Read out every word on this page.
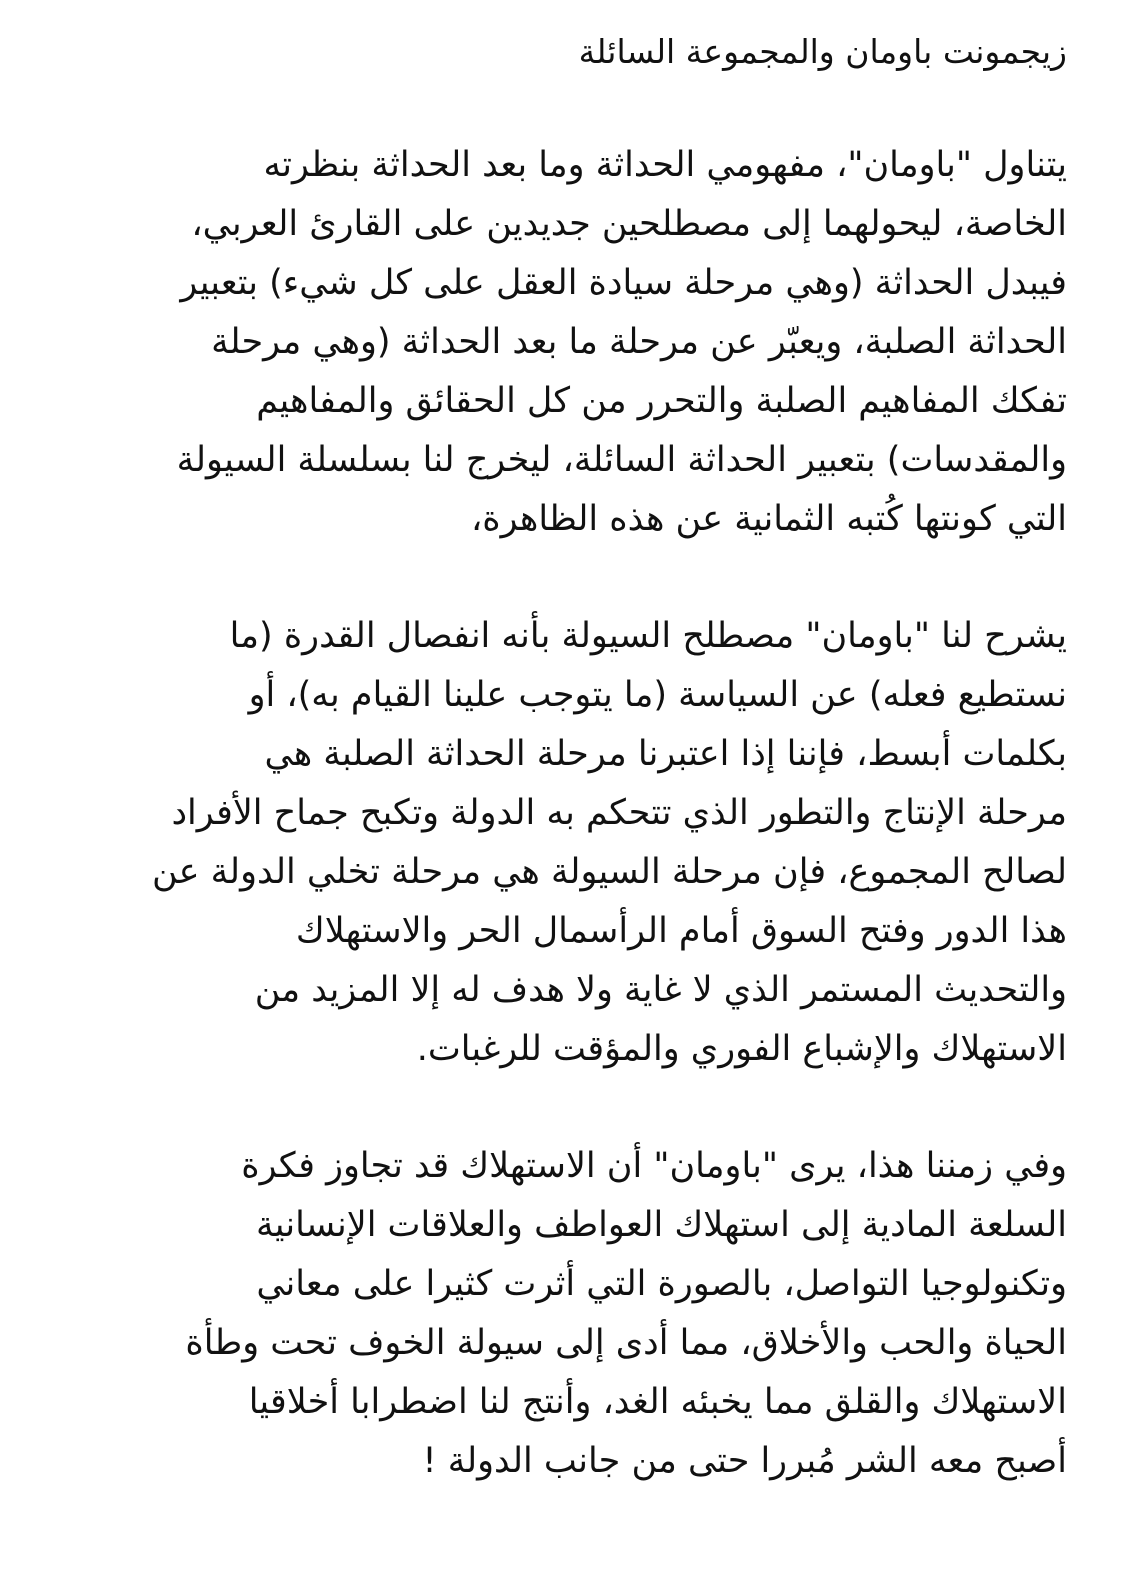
زيجمونت باومان والمجموعة السائلة
يتناول "باومان"، مفهومي الحداثة وما بعد الحداثة بنظرته
الخاصة، ليحولهما إلى مصطلحين جديدين على القارئ العربي،
فيبدل الحداثة (وهي مرحلة سيادة العقل على كل شيء) بتعبير
الحداثة الصلبة، ويعبّر عن مرحلة ما بعد الحداثة (وهي مرحلة
تفكك المفاهيم الصلبة والتحرر من كل الحقائق والمفاهيم
والمقدسات) بتعبير الحداثة السائلة، ليخرج لنا بسلسلة السيولة
التي كونتها كُتبه الثمانية عن هذه الظاهرة،
يشرح لنا "باومان" مصطلح السيولة بأنه انفصال القدرة (ما
نستطيع فعله) عن السياسة (ما يتوجب علينا القيام به)، أو
بكلمات أبسط، فإننا إذا اعتبرنا مرحلة الحداثة الصلبة هي
مرحلة الإنتاج والتطور الذي تتحكم به الدولة وتكبح جماح الأفراد
لصالح المجموع، فإن مرحلة السيولة هي مرحلة تخلي الدولة عن
هذا الدور وفتح السوق أمام الرأسمال الحر والاستهلاك
والتحديث المستمر الذي لا غاية ولا هدف له إلا المزيد من
الاستهلاك والإشباع الفوري والمؤقت للرغبات.
وفي زمننا هذا، يرى "باومان" أن الاستهلاك قد تجاوز فكرة
السلعة المادية إلى استهلاك العواطف والعلاقات الإنسانية
وتكنولوجيا التواصل، بالصورة التي أثرت كثيرا على معاني
الحياة والحب والأخلاق، مما أدى إلى سيولة الخوف تحت وطأة
الاستهلاك والقلق مما يخبئه الغد، وأنتج لنا اضطرابا أخلاقيا
أصبح معه الشر مُبررا حتى من جانب الدولة !
